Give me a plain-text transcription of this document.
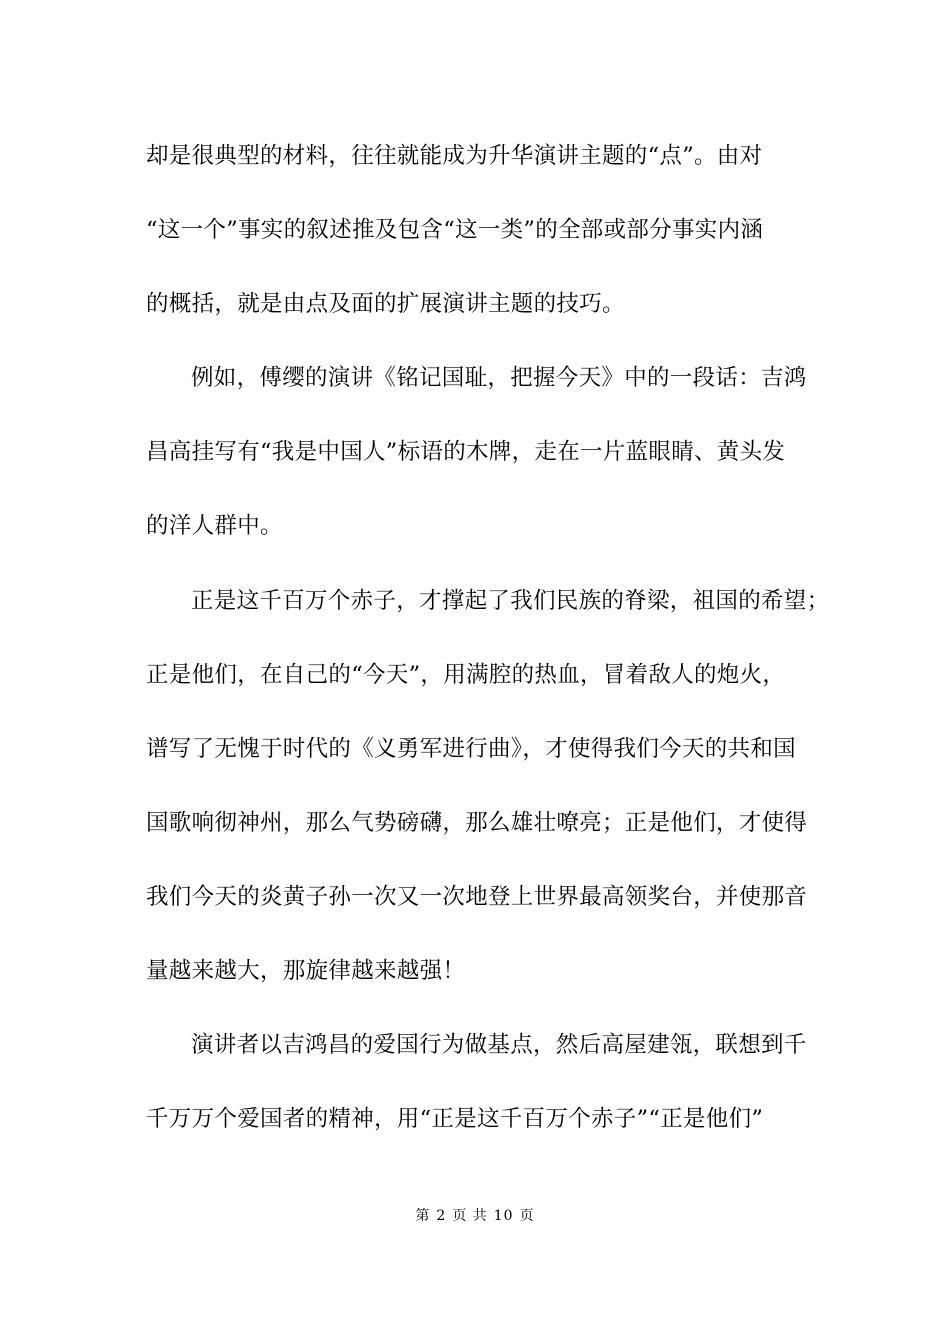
却是很典型的材料，往往就能成为升华演讲主题的“点”。由对
“这一个”事实的叙述推及包含“这一类”的全部或部分事实内涵
的概括，就是由点及面的扩展演讲主题的技巧。
例如，傅缨的演讲《铭记国耻，把握今天》中的一段话：吉鸿
昌高挂写有“我是中国人”标语的木牌，走在一片蓝眼睛、黄头发
的洋人群中。
正是这千百万个赤子，才撑起了我们民族的脊梁，祖国的希望；
正是他们，在自己的“今天”，用满腔的热血，冒着敌人的炮火，
谱写了无愧于时代的《义勇军进行曲》，才使得我们今天的共和国
国歌响彻神州，那么气势磅礴，那么雄壮嘹亮；正是他们，才使得
我们今天的炎黄子孙一次又一次地登上世界最高领奖台，并使那音
量越来越大，那旋律越来越强！
演讲者以吉鸿昌的爱国行为做基点，然后高屋建瓴，联想到千
千万万个爱国者的精神，用“正是这千百万个赤子”“正是他们”
第 2 页 共 10 页
